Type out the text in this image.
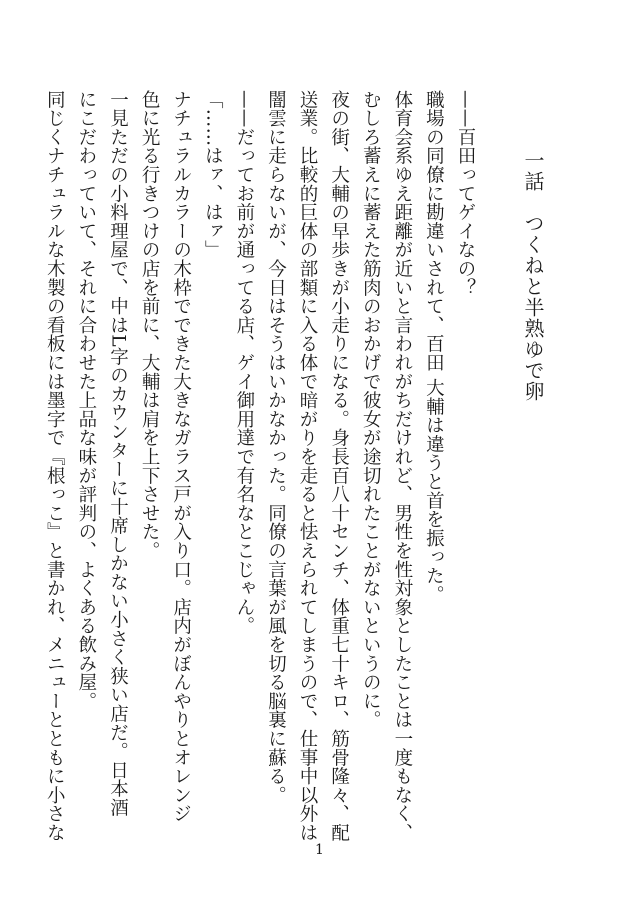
一話　つくねと半熟ゆで卵

——百田ってゲイなの？

職場の同僚に勘違いされて、百田 大輔は違うと首を振った。

体育会系ゆえ距離が近いと言われがちだけれど、男性を性対象としたことは一度もなく、

むしろ蓄えに蓄えた筋肉のおかげで彼女が途切れたことがないというのに。

夜の街、大輔の早歩きが小走りになる。身長百八十センチ、体重七十キロ、筋骨隆々、配

送業。比較的巨体の部類に入る体で暗がりを走ると怯えられてしまうので、仕事中以外は

闇雲に走らないが、今日はそうはいかなかった。同僚の言葉が風を切る脳裏に蘇る。

——だってお前が通ってる店、ゲイ御用達で有名なとこじゃん。

「……はァ、はァ」

ナチュラルカラーの木枠でできた大きなガラス戸が入り口。店内がぼんやりとオレンジ

色に光る行きつけの店を前に、大輔は肩を上下させた。

一見ただの小料理屋で、中はL字のカウンターに十席しかない小さく狭い店だ。日本酒

にこだわっていて、それに合わせた上品な味が評判の、よくある飲み屋。

同じくナチュラルな木製の看板には墨字で『根っこ』と書かれ、メニューとともに小さな

1
